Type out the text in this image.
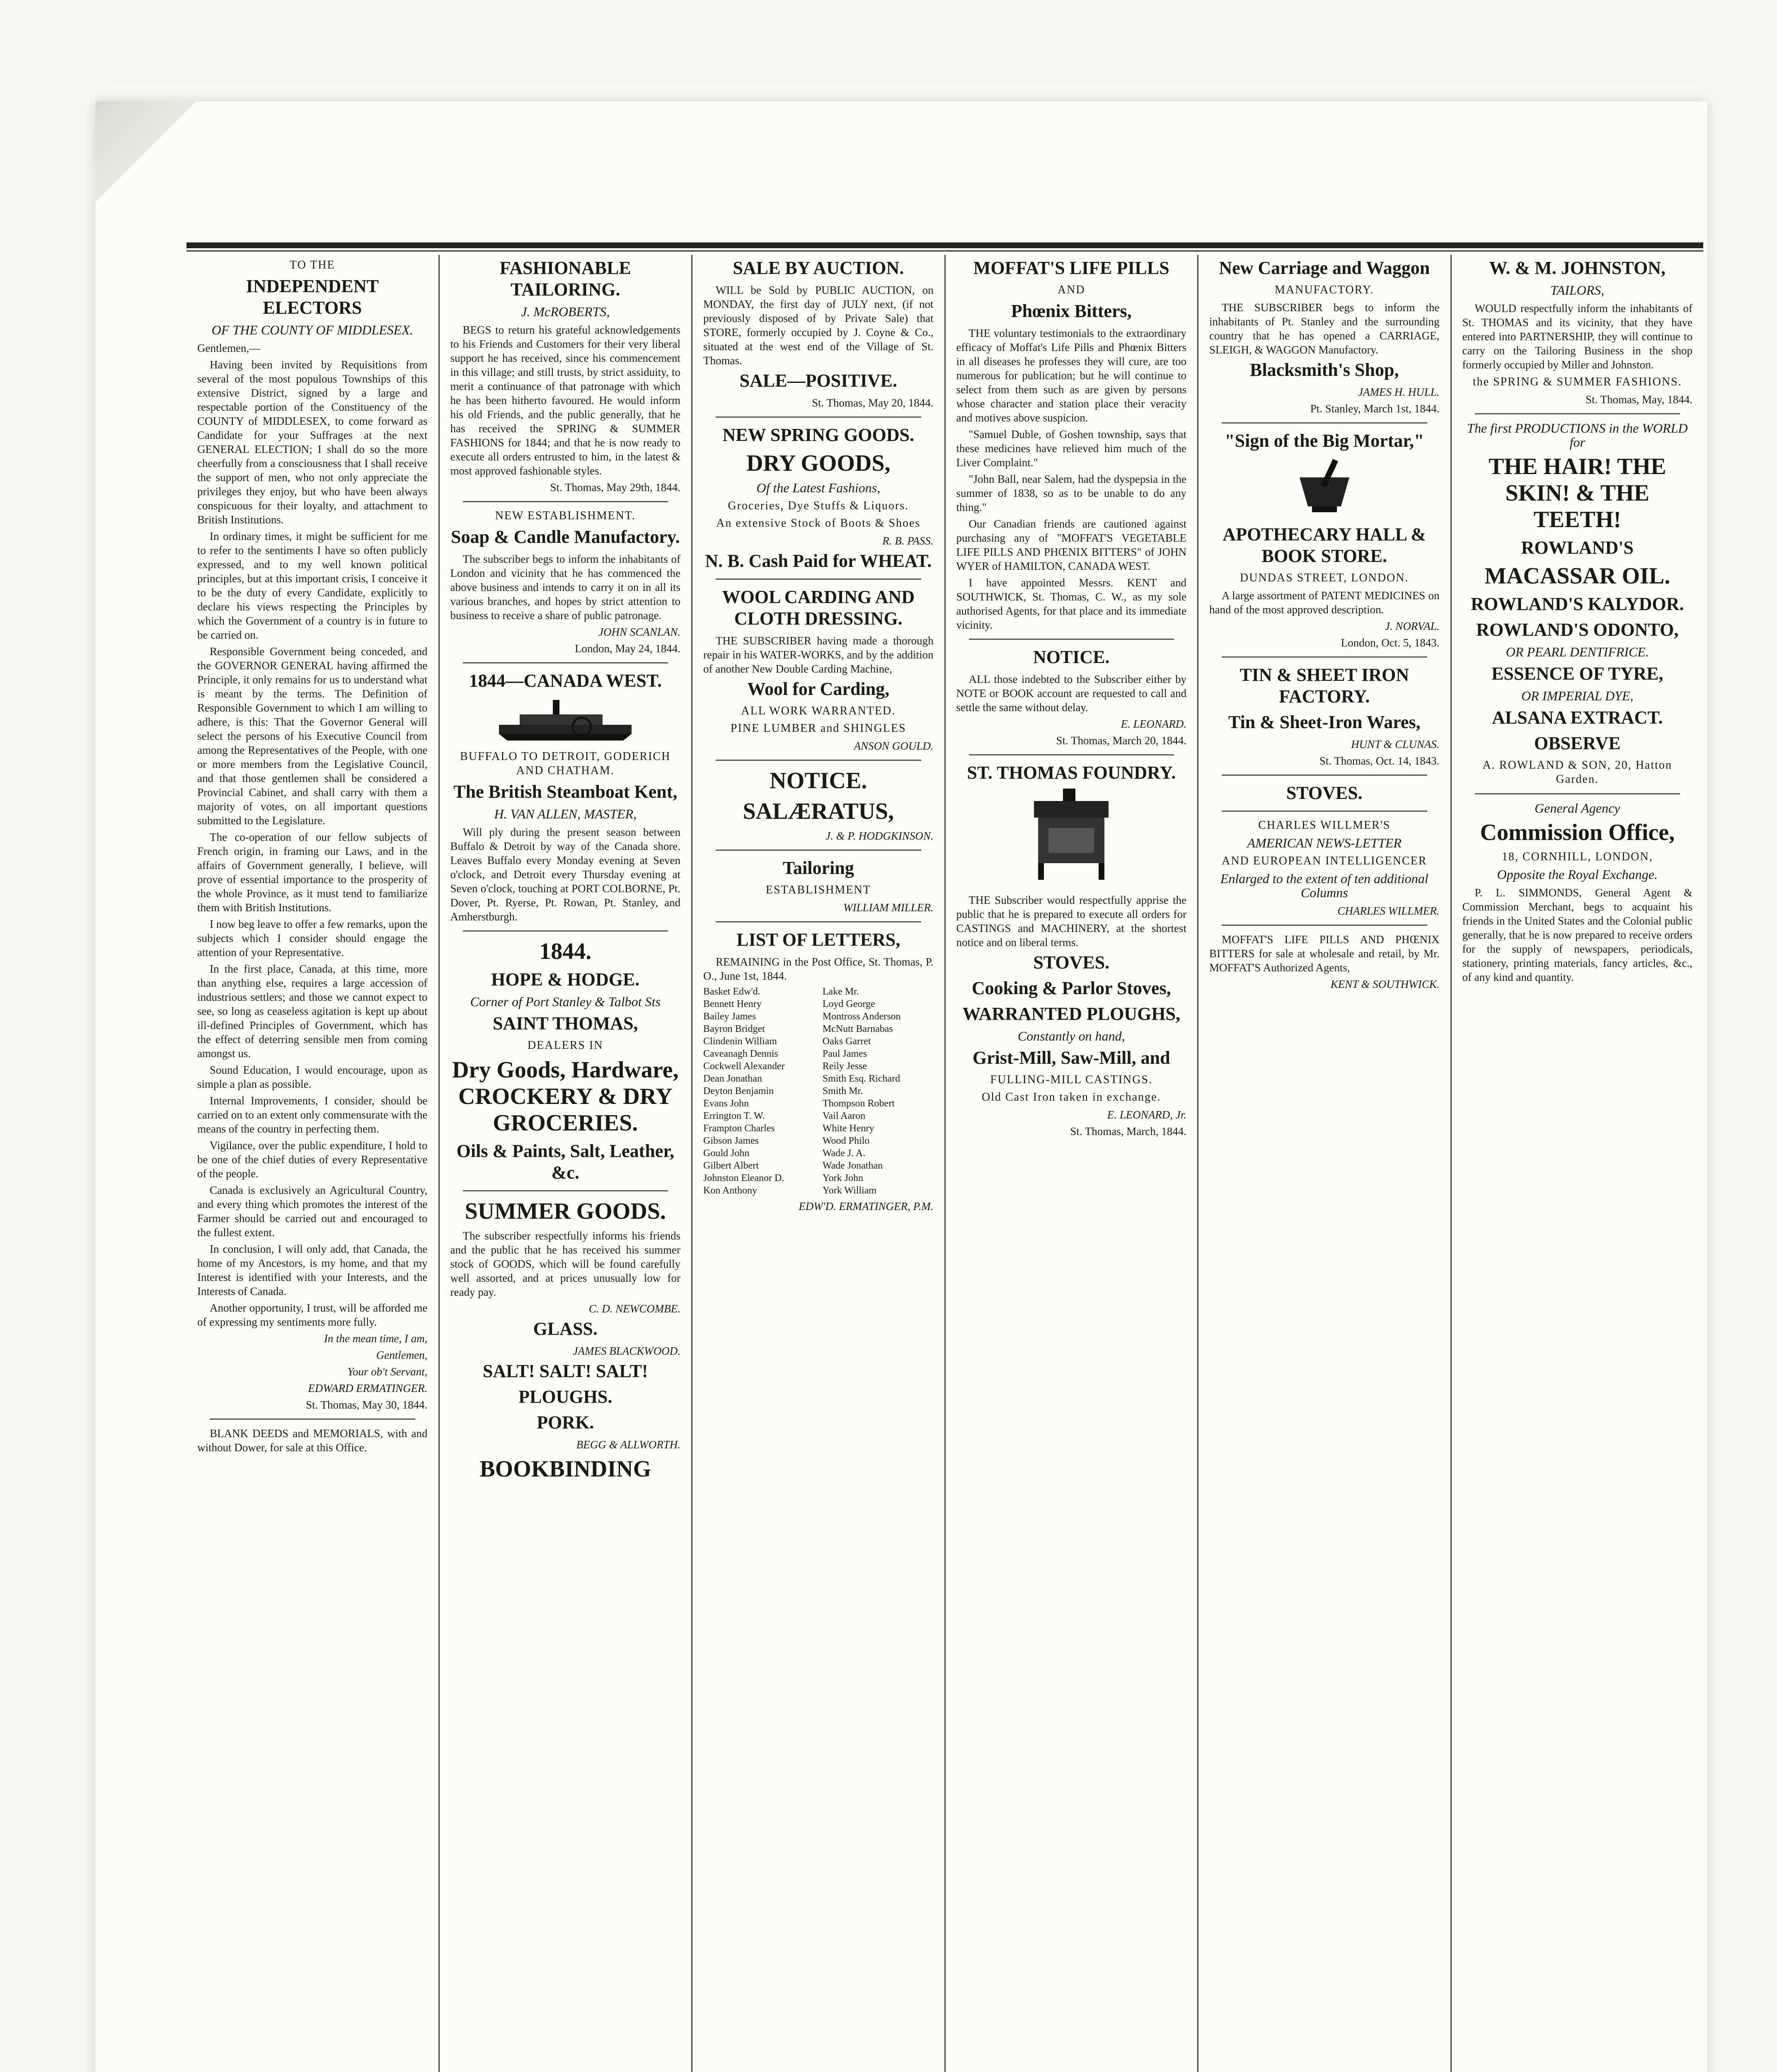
TO THE
INDEPENDENT ELECTORS
OF THE COUNTY OF MIDDLESEX.
Gentlemen,—

Having been invited by Requisitions from several of the most populous Townships of this extensive District, signed by a large and respectable portion of the Constituency of the COUNTY of MIDDLESEX, to come forward as Candidate for your Suffrages at the next GENERAL ELECTION; I shall do so the more cheerfully from a consciousness that I shall receive the support of men, who not only appreciate the privileges they enjoy, but who have been always conspicuous for their loyalty, and attachment to British Institutions.

In ordinary times, it might be sufficient for me to refer to the sentiments I have so often publicly expressed, and to my well known political principles, but at this important crisis, I conceive it to be the duty of every Candidate, explicitly to declare his views respecting the Principles by which the Government of a country is in future to be carried on.

Responsible Government being conceded, and the GOVERNOR GENERAL having affirmed the Principle, it only remains for us to understand what is meant by the terms. The Definition of Responsible Government to which I am willing to adhere, is this: That the Governor General will select the persons of his Executive Council from among the Representatives of the People, with one or more members from the Legislative Council, and that those gentlemen shall be considered a Provincial Cabinet, and shall carry with them a majority of votes, on all important questions submitted to the Legislature.

The co-operation of our fellow subjects of French origin, in framing our Laws, and in the affairs of Government generally, I believe, will prove of essential importance to the prosperity of the whole Province, as it must tend to familiarize them with British Institutions.

I now beg leave to offer a few remarks, upon the subjects which I consider should engage the attention of your Representative.

In the first place, Canada, at this time, more than anything else, requires a large accession of industrious settlers; and those we cannot expect to see, so long as ceaseless agitation is kept up about ill-defined Principles of Government, which has the effect of deterring sensible men from coming amongst us.

Sound Education, I would encourage, upon as simple a plan as possible.

Internal Improvements, I consider, should be carried on to an extent only commensurate with the means of the country in perfecting them.

Vigilance, over the public expenditure, I hold to be one of the chief duties of every Representative of the people.

Canada is exclusively an Agricultural Country, and every thing which promotes the interest of the Farmer should be carried out and encouraged to the fullest extent.

In conclusion, I will only add, that Canada, the home of my Ancestors, is my home, and that my Interest is identified with your Interests, and the Interests of Canada.

Another opportunity, I trust, will be afforded me of expressing my sentiments more fully.

In the mean time, I am,
Gentlemen,
Your ob't Servant,
EDWARD ERMATINGER.
St. Thomas, May 30, 1844.

BLANK DEEDS and MEMORIALS, with and without Dower, for sale at this Office.

FASHIONABLE TAILORING.
J. McROBERTS,

BEGS to return his grateful acknowledgements to his Friends and Customers for their very liberal support he has received, since his commencement in this village; and still trusts, by strict assiduity, to merit a continuance of that patronage with which he has been hitherto favoured. He would inform his old Friends, and the public generally, that he has received the SPRING & SUMMER FASHIONS for 1844; and that he is now ready to execute all orders entrusted to him, in the latest & most approved fashionable styles.

St. Thomas, May 29th, 1844.
NEW ESTABLISHMENT.
Soap & Candle Manufactory.

The subscriber begs to inform the inhabitants of London and vicinity that he has commenced the above business and intends to carry it on in all its various branches, and hopes by strict attention to business to receive a share of public patronage.

JOHN SCANLAN.
London, May 24, 1844.
1844—CANADA WEST.
BUFFALO TO DETROIT, GODERICH AND CHATHAM.
The British Steamboat Kent,
H. VAN ALLEN, MASTER,

Will ply during the present season between Buffalo & Detroit by way of the Canada shore. Leaves Buffalo every Monday evening at Seven o'clock, and Detroit every Thursday evening at Seven o'clock, touching at PORT COLBORNE, Pt. Dover, Pt. Ryerse, Pt. Rowan, Pt. Stanley, and Amherstburgh.

1844.
HOPE & HODGE.
Corner of Port Stanley & Talbot Sts
SAINT THOMAS,
DEALERS IN
Dry Goods, Hardware, CROCKERY & DRY GROCERIES.
Oils & Paints, Salt, Leather, &c.
SUMMER GOODS.

The subscriber respectfully informs his friends and the public that he has received his summer stock of GOODS, which will be found carefully well assorted, and at prices unusually low for ready pay.

C. D. NEWCOMBE.
GLASS.
JAMES BLACKWOOD.
SALT! SALT! SALT!
PLOUGHS.
PORK.
BEGG & ALLWORTH.
BOOKBINDING
SALE BY AUCTION.

WILL be Sold by PUBLIC AUCTION, on MONDAY, the first day of JULY next, (if not previously disposed of by Private Sale) that STORE, formerly occupied by J. Coyne & Co., situated at the west end of the Village of St. Thomas.

SALE—POSITIVE.
St. Thomas, May 20, 1844.
NEW SPRING GOODS.
DRY GOODS,
Of the Latest Fashions,
Groceries, Dye Stuffs & Liquors.
An extensive Stock of Boots & Shoes
R. B. PASS.
N. B. Cash Paid for WHEAT.
WOOL CARDING AND CLOTH DRESSING.

THE SUBSCRIBER having made a thorough repair in his WATER-WORKS, and by the addition of another New Double Carding Machine,

Wool for Carding,
ALL WORK WARRANTED.
PINE LUMBER and SHINGLES
ANSON GOULD.
NOTICE.
SALÆRATUS,
J. & P. HODGKINSON.
Tailoring
ESTABLISHMENT
WILLIAM MILLER.
LIST OF LETTERS,

REMAINING in the Post Office, St. Thomas, P. O., June 1st, 1844.

Basket Edw'd.
Bennett Henry
Bailey James
Bayron Bridget
Clindenin William
Caveanagh Dennis
Cockwell Alexander
Dean Jonathan
Deyton Benjamin
Evans John
Errington T. W.
Frampton Charles
Gibson James
Gould John
Gilbert Albert
Johnston Eleanor D.
Kon Anthony
Lake Mr.
Loyd George
Montross Anderson
McNutt Barnabas
Oaks Garret
Paul James
Reily Jesse
Smith Esq. Richard
Smith Mr.
Thompson Robert
Vail Aaron
White Henry
Wood Philo
Wade J. A.
Wade Jonathan
York John
York William
EDW'D. ERMATINGER, P.M.
MOFFAT'S LIFE PILLS
AND
Phœnix Bitters,

THE voluntary testimonials to the extraordinary efficacy of Moffat's Life Pills and Phœnix Bitters in all diseases he professes they will cure, are too numerous for publication; but he will continue to select from them such as are given by persons whose character and station place their veracity and motives above suspicion.

"Samuel Duble, of Goshen township, says that these medicines have relieved him much of the Liver Complaint."

"John Ball, near Salem, had the dyspepsia in the summer of 1838, so as to be unable to do any thing."

Our Canadian friends are cautioned against purchasing any of "MOFFAT'S VEGETABLE LIFE PILLS AND PHŒNIX BITTERS" of JOHN WYER of HAMILTON, CANADA WEST.

I have appointed Messrs. KENT and SOUTHWICK, St. Thomas, C. W., as my sole authorised Agents, for that place and its immediate vicinity.

NOTICE.

ALL those indebted to the Subscriber either by NOTE or BOOK account are requested to call and settle the same without delay.

E. LEONARD.
St. Thomas, March 20, 1844.
ST. THOMAS FOUNDRY.

THE Subscriber would respectfully apprise the public that he is prepared to execute all orders for CASTINGS and MACHINERY, at the shortest notice and on liberal terms.

STOVES.
Cooking & Parlor Stoves,
WARRANTED PLOUGHS,
Constantly on hand,
Grist-Mill, Saw-Mill, and
FULLING-MILL CASTINGS.
Old Cast Iron taken in exchange.
E. LEONARD, Jr.
St. Thomas, March, 1844.
New Carriage and Waggon
MANUFACTORY.

THE SUBSCRIBER begs to inform the inhabitants of Pt. Stanley and the surrounding country that he has opened a CARRIAGE, SLEIGH, & WAGGON Manufactory.

Blacksmith's Shop,
JAMES H. HULL.
Pt. Stanley, March 1st, 1844.
"Sign of the Big Mortar,"
APOTHECARY HALL & BOOK STORE.
DUNDAS STREET, LONDON.

A large assortment of PATENT MEDICINES on hand of the most approved description.

J. NORVAL.
London, Oct. 5, 1843.
TIN & SHEET IRON FACTORY.
Tin & Sheet-Iron Wares,
HUNT & CLUNAS.
St. Thomas, Oct. 14, 1843.
STOVES.
CHARLES WILLMER'S
AMERICAN NEWS-LETTER
AND EUROPEAN INTELLIGENCER
Enlarged to the extent of ten additional Columns
CHARLES WILLMER.

MOFFAT'S LIFE PILLS AND PHŒNIX BITTERS for sale at wholesale and retail, by Mr. MOFFAT'S Authorized Agents,

KENT & SOUTHWICK.
W. & M. JOHNSTON,
TAILORS,

WOULD respectfully inform the inhabitants of St. THOMAS and its vicinity, that they have entered into PARTNERSHIP, they will continue to carry on the Tailoring Business in the shop formerly occupied by Miller and Johnston.

the SPRING & SUMMER FASHIONS.
St. Thomas, May, 1844.
The first PRODUCTIONS in the WORLD for
THE HAIR! THE SKIN! & THE TEETH!
ROWLAND'S
MACASSAR OIL.
ROWLAND'S KALYDOR.
ROWLAND'S ODONTO,
OR PEARL DENTIFRICE.
ESSENCE OF TYRE,
OR IMPERIAL DYE,
ALSANA EXTRACT.
OBSERVE
A. ROWLAND & SON, 20, Hatton Garden.
General Agency
Commission Office,
18, CORNHILL, LONDON,
Opposite the Royal Exchange.

P. L. SIMMONDS, General Agent & Commission Merchant, begs to acquaint his friends in the United States and the Colonial public generally, that he is now prepared to receive orders for the supply of newspapers, periodicals, stationery, printing materials, fancy articles, &c., of any kind and quantity.
